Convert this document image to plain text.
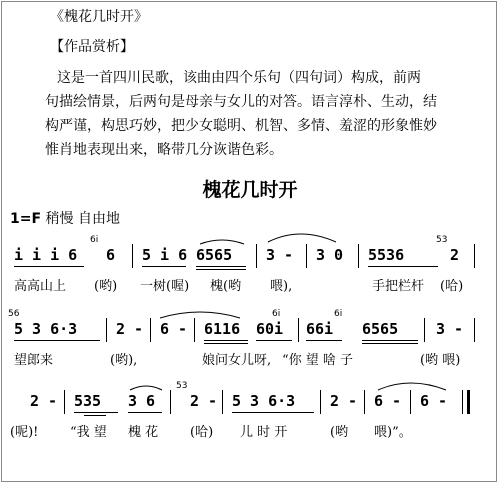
《槐花几时开》
【作品赏析】
这是一首四川民歌，该曲由四个乐句（四句词）构成，前两
句描绘情景，后两句是母亲与女儿的对答。语言淳朴、生动，结
构严谨，构思巧妙，把少女聪明、机智、多情、羞涩的形象惟妙
惟肖地表现出来，略带几分诙谐色彩。
槐花几时开
1=F 稍慢 自由地
6i
i i i 6 6 5 i 6 6565 3 - 3 0
53
5536	2
高高山上 (哟) 一树(喔) 槐(哟 喂),	手把栏杆 (哈)
56
5 3 6·3	2 - 6 - 6116
6i
60i
6i
66i 6565	3 -
望郎来	(哟),	娘问女儿呀, “你 望 啥 子	(哟 喂)
2 - 535 3 6
53
2 - 5 3 6·3 2 - 6 - 6 -
(呢)! “我 望 槐 花 (哈) 儿 时 开	(哟 喂)”。
